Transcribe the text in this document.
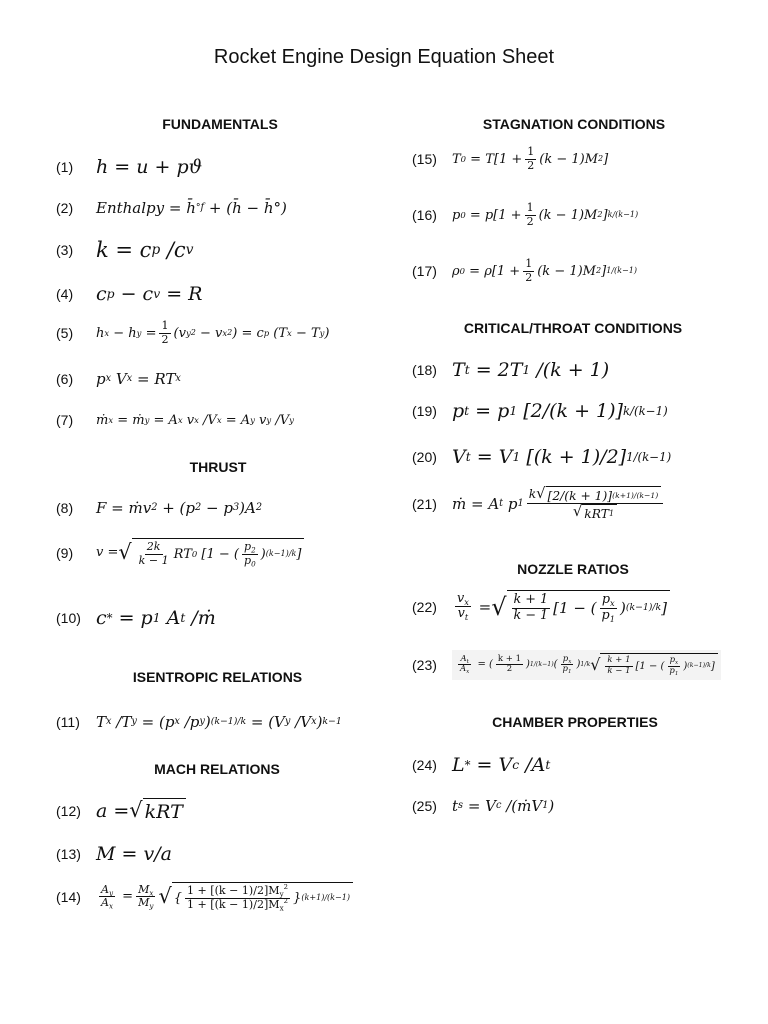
Rocket Engine Design Equation Sheet
FUNDAMENTALS	STAGNATION CONDITIONS
CRITICAL/THROAT CONDITIONS
THRUST
NOZZLE RATIOS
ISENTROPIC RELATIONS
CHAMBER PROPERTIES
MACH RELATIONS
(1)	h = u + pϑ
(2)	Enthalpy = h̄ ° f + (h̄ − h̄°)
(3)	k = c p /c v
(4)	c p − c v = R
(5)	h x − h $y = \frac{1}{2} (v$ y 2 − v x 2 ) = c p (T x − T y )
(6)	p x V x = RT x
(7)	ṁ x = ṁ y = A x v x /V x = A y v y /V y
(8)	F = ṁv 2 + (p 2 − p 3 )A 2
(9)	v = √ $\frac{2k}{k - 1}$ RT 0 [1 − ( $\frac{p_2}{p_0}$ ) (k−1)/k ]
(10) c * = p 1 A t /ṁ
(11)	T x /T y = (p x /p y ) (k−1)/k = (V y /V x ) k−1
(12) a = √ kRT
(13) M = v/a
(14)	$\frac{A_y}{A_x} = \frac{M_x}{M_y}$ √ { $\frac{1 + [(k - 1)/2]M_y^2}{1 + [(k - 1)/2]M_x^2}$ } (k+1)/(k−1)
(15)	T $0 = T[1 + \frac{1}{2} (k - 1)M$ 2 ]
(16)	p $0 = p[1 + \frac{1}{2} (k - 1)M$ 2 ] k/(k−1)
(17)	ρ $0 = \rho[1 + \frac{1}{2} (k - 1)M$ 2 ] 1/(k−1)
(18) T t = 2T 1 /(k + 1)
(19) p t = p 1 [2/(k + 1)] k/(k−1)
(20) V t = V 1 [(k + 1)/2] 1/(k−1)
(21)	ṁ = A t p $1 \frac{k √ [2/(k + 1)] (k+1)/(k-1)}{\text{√ kRT 1}}$
(22)	$\frac{v_x}{v_t}$ = √ $\frac{k + 1}{k - 1} [1$ − ( $\frac{p_x}{p_1}$ ) (k−1)/k ]
(23)	$\frac{A_t}{A_x}$ = ( $\frac{k + 1}{2}$ ) 1/(k−1) ( $\frac{p_x}{p_1}$ ) 1/k √ $\frac{k + 1}{k - 1} [1$ − ( $\frac{p_x}{p_1}$ ) (k−1)/k ]
(24) L * = V c /A t
(25)	t s = V c /(ṁV 1 )
